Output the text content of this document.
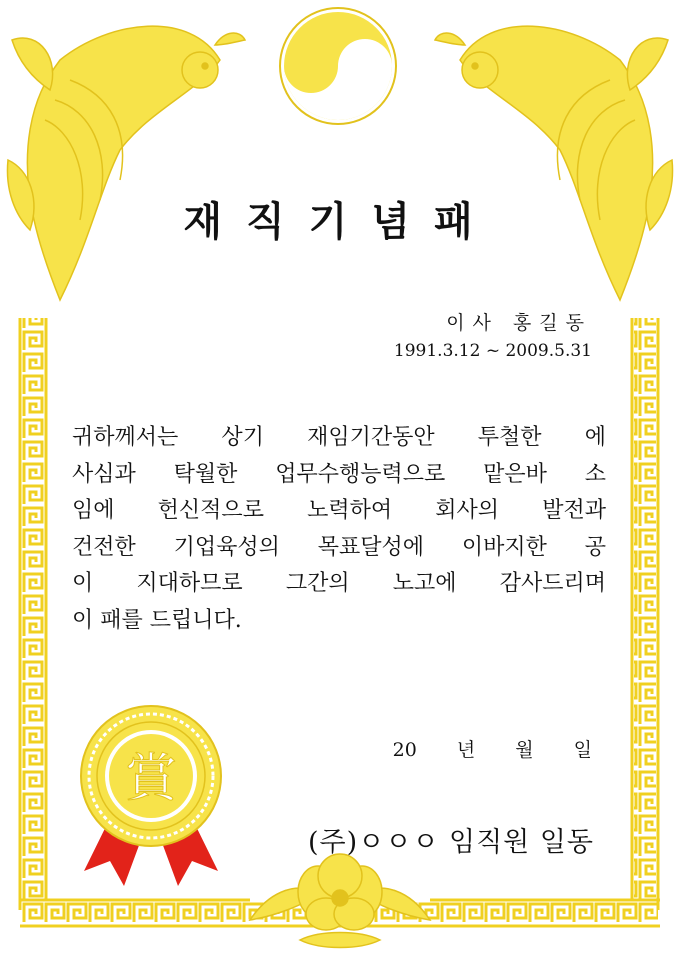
賞
재직기념패
이사 홍길동
1991.3.12 ~ 2009.5.31
귀하께서는 상기 재임기간동안 투철한 에
사심과 탁월한 업무수행능력으로 맡은바 소
임에 헌신적으로 노력하여 회사의 발전과
건전한 기업육성의 목표달성에 이바지한 공
이 지대하므로 그간의 노고에 감사드리며
이 패를 드립니다.
20 년 월 일
(주)ㅇㅇㅇ 임직원 일동
